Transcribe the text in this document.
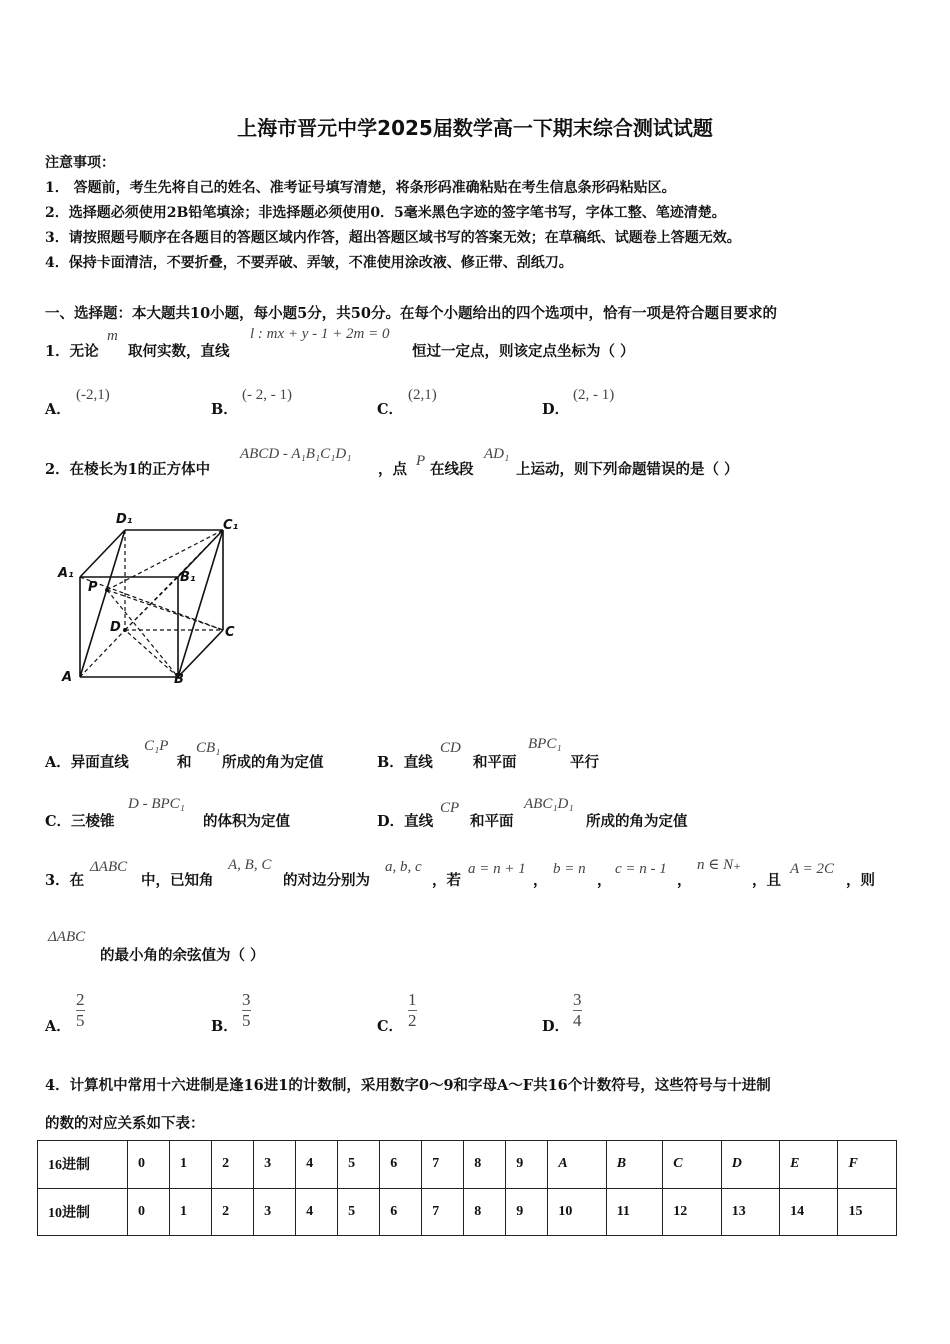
上海市晋元中学2025届数学高一下期末综合测试试题
注意事项：
1． 答题前，考生先将自己的姓名、准考证号填写清楚，将条形码准确粘贴在考生信息条形码粘贴区。
2．选择题必须使用2B铅笔填涂；非选择题必须使用0．5毫米黑色字迹的签字笔书写，字体工整、笔迹清楚。
3．请按照题号顺序在各题目的答题区域内作答，超出答题区域书写的答案无效；在草稿纸、试题卷上答题无效。
4．保持卡面清洁，不要折叠，不要弄破、弄皱，不准使用涂改液、修正带、刮纸刀。
一、选择题：本大题共10小题，每小题5分，共50分。在每个小题给出的四个选项中，恰有一项是符合题目要求的
1．无论
m
取何实数，直线
l : mx + y - 1 + 2m = 0
恒过一定点，则该定点坐标为（ ）
A．
(-2,1)
B．
(- 2, - 1)
C．
(2,1)
D．
(2, - 1)
2．在棱长为1的正方体中
ABCD - A₁B₁C₁D₁
，点 P 在线段
AD₁
上运动，则下列命题错误的是（ ）
D₁	C₁
A₁	B₁
P
D	C
A	B
A．异面直线
C₁P
和
CB₁
所成的角为定值	B．直线
CD
和平面
BPC₁
平行
C．三棱锥
D - BPC₁
的体积为定值	D．直线
CP
和平面
ABC₁D₁
所成的角为定值
3．在
ΔABC
中，已知角
A, B, C
的对边分别为
a, b, c
，若
a = n + 1
，
b = n
，
c = n - 1
，
n ∈ N₊
，且
A = 2C
，则
ΔABC
的最小角的余弦值为（ ）
A． $\frac{2}{5}$	B． $\frac{3}{5}$	C． $\frac{1}{2}$	D． $\frac{3}{4}$
4．计算机中常用十六进制是逢16进1的计数制，采用数字0～9和字母A～F共16个计数符号，这些符号与十进制
的数的对应关系如下表：
16进制	0	1	2	3	4	5	6	7	8	9	A	B	C	D	E	F
10进制	0	1	2	3	4	5	6	7	8	9	10	11	12	13	14	15
